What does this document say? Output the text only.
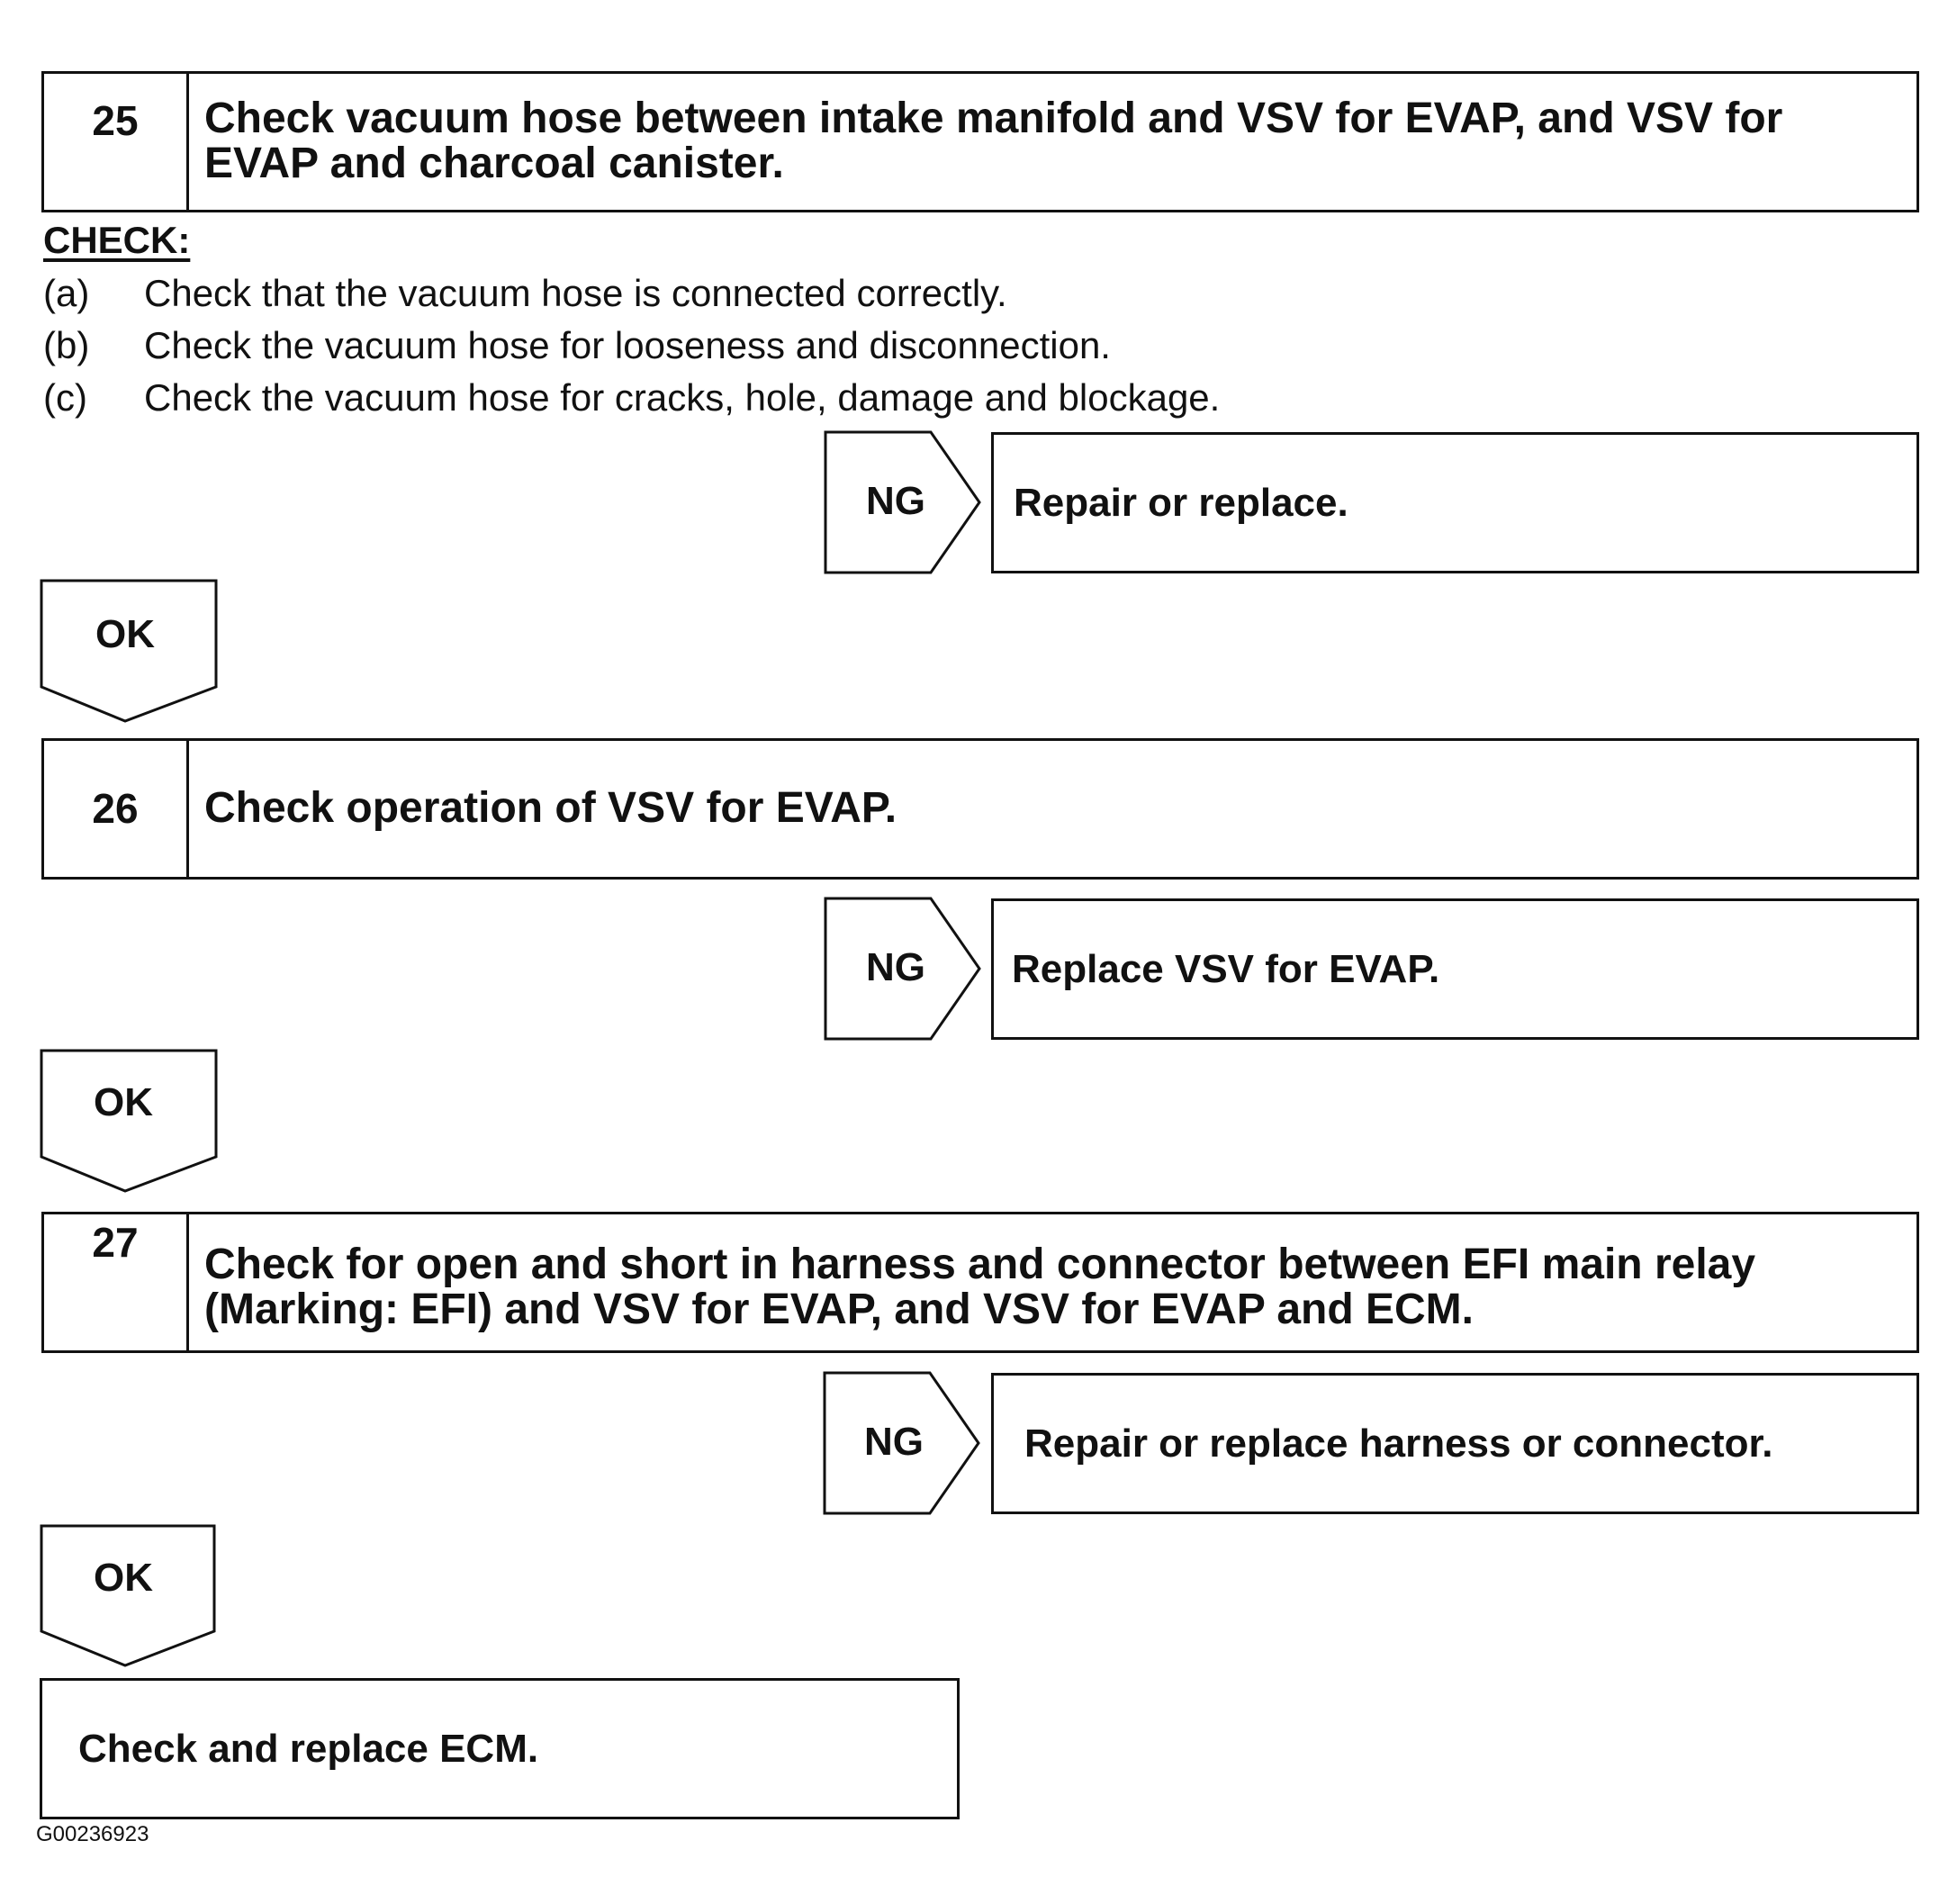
25	Check vacuum hose between intake manifold and VSV for EVAP, and VSV for EVAP and charcoal canister.
CHECK:
(a) Check that the vacuum hose is connected correctly.
(b) Check the vacuum hose for looseness and disconnection.
(c) Check the vacuum hose for cracks, hole, damage and blockage.
26	Check operation of VSV for EVAP.
27	Check for open and short in harness and connector between EFI main relay (Marking: EFI) and VSV for EVAP, and VSV for EVAP and ECM.
Repair or replace.
Replace VSV for EVAP.
Repair or replace harness or connector.
NG
NG
NG
OK
OK
OK
Check and replace ECM.
G00236923
